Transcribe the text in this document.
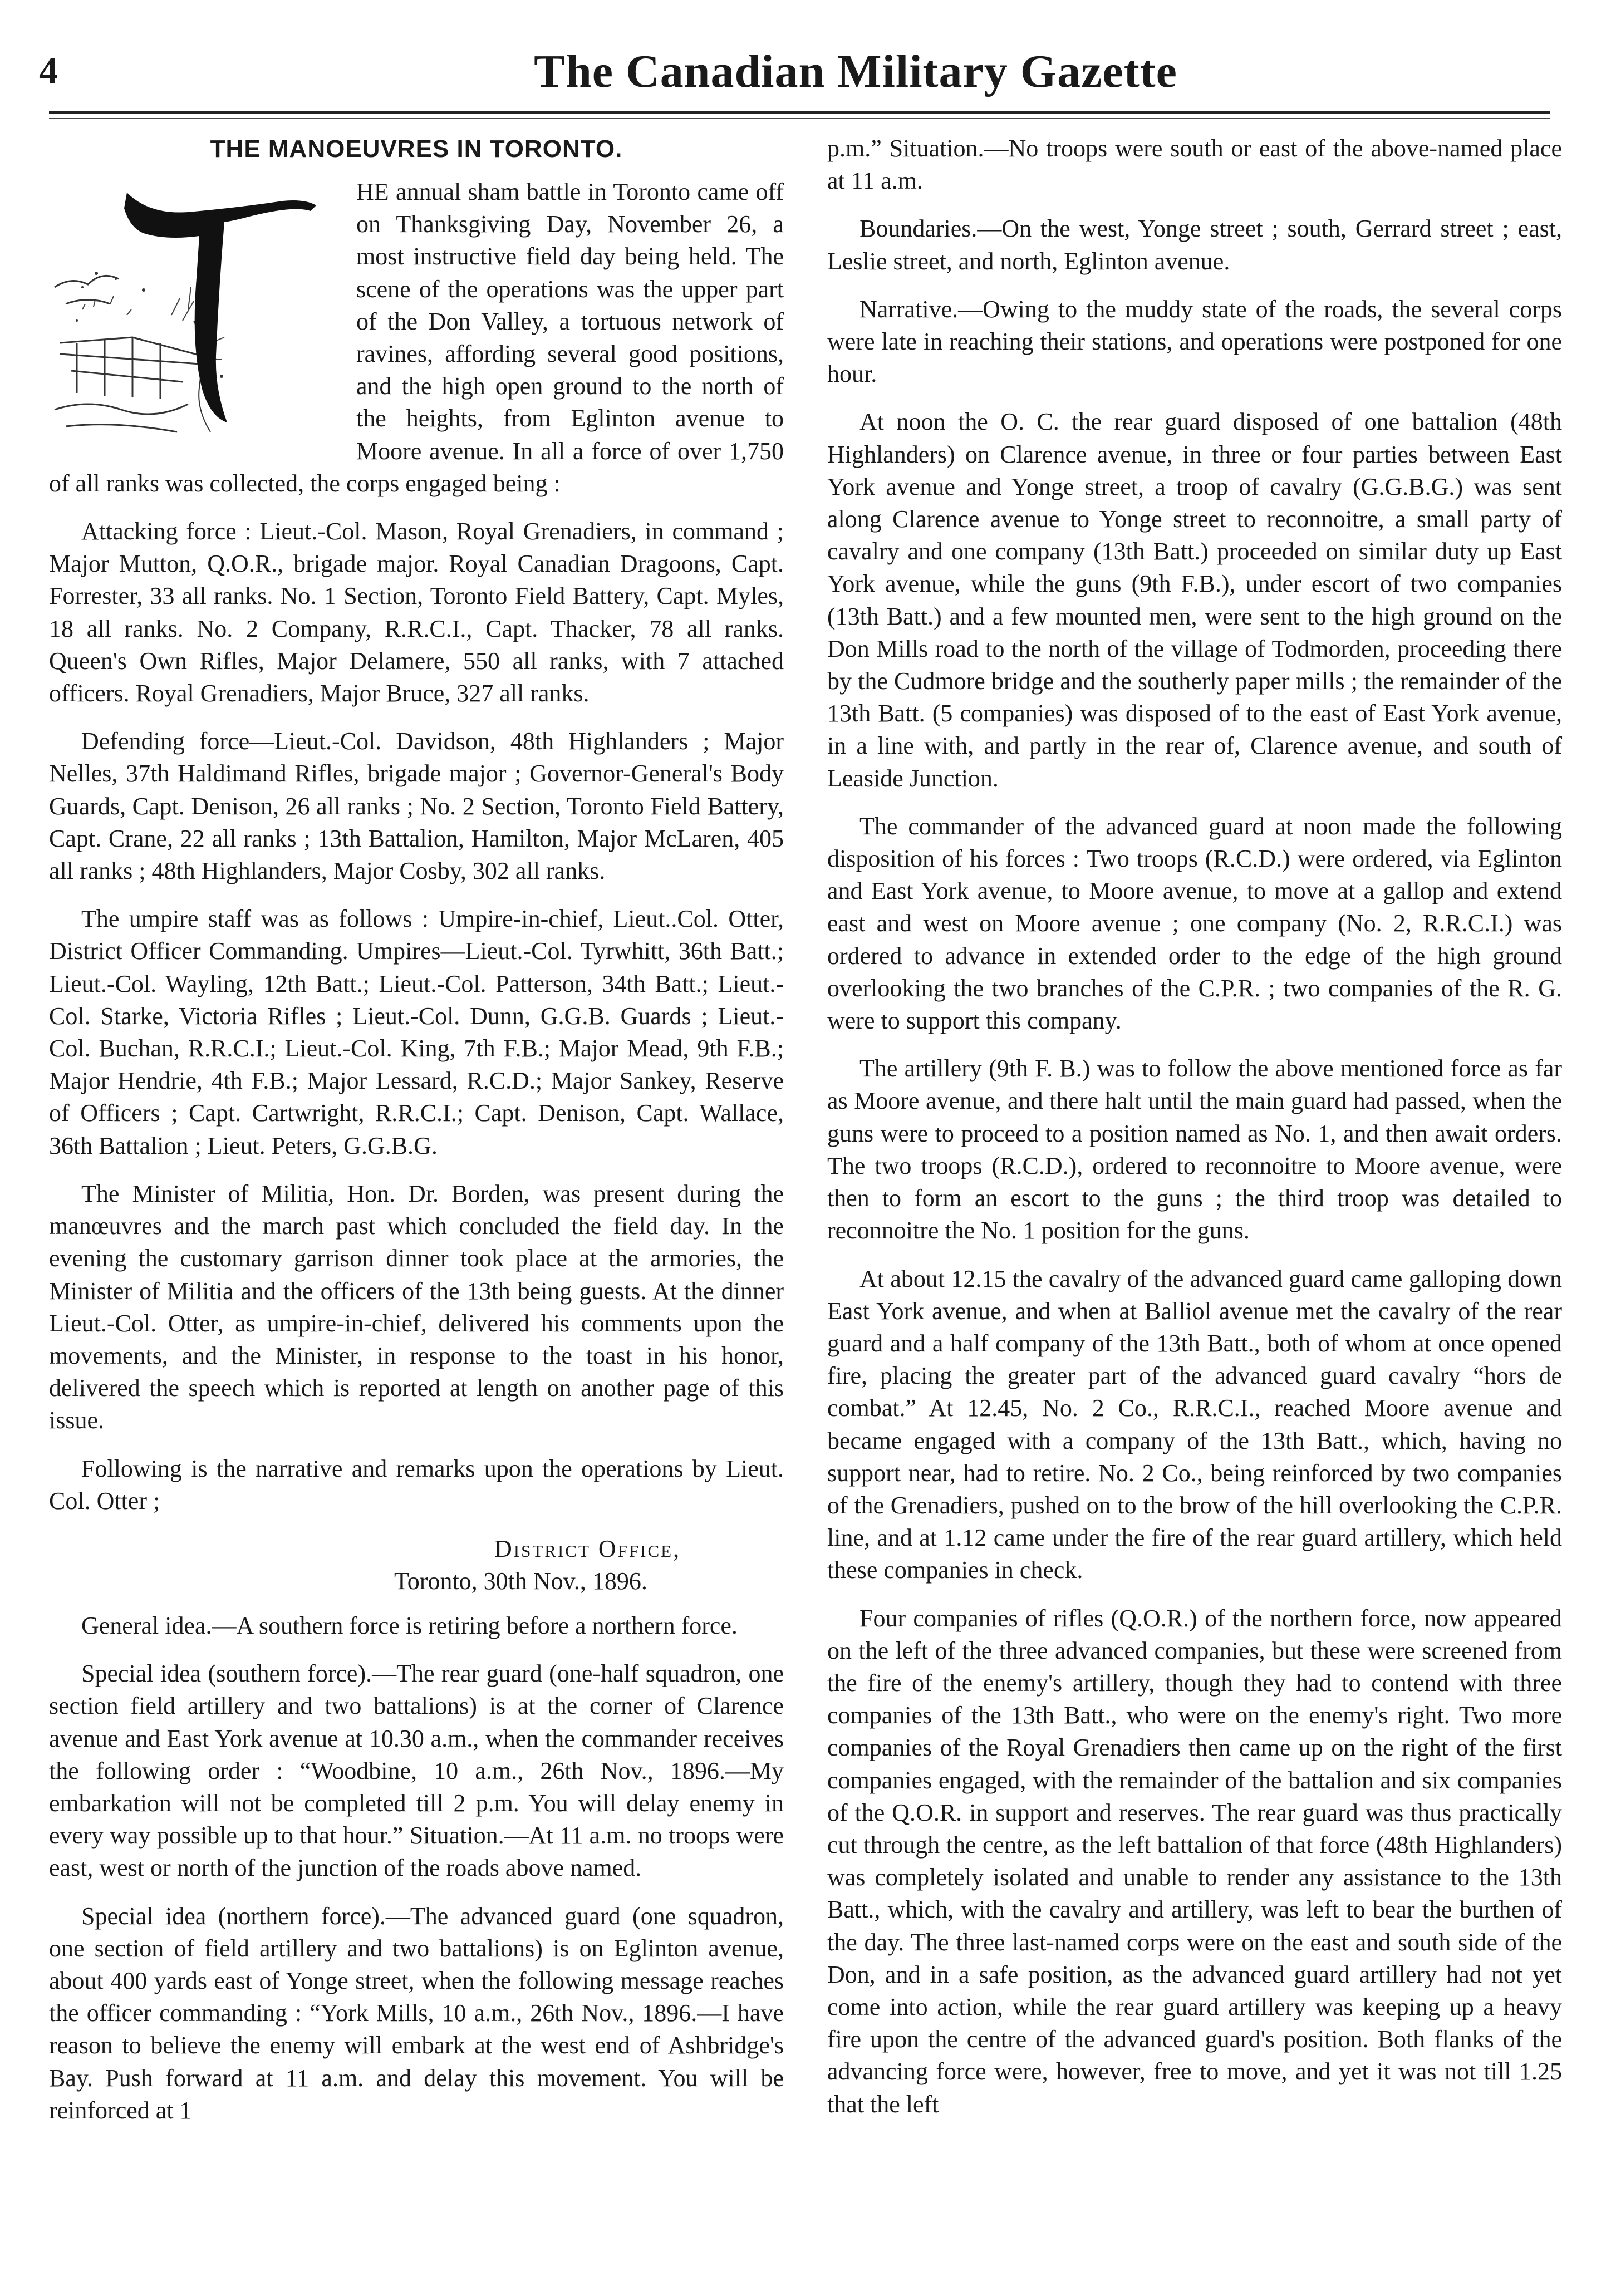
4	The Canadian Military Gazette
THE MANOEUVRES IN TORONTO.

HE annual sham battle in Toronto came off on Thanksgiving Day, November 26, a most instructive field day being held. The scene of the operations was the upper part of the Don Valley, a tortuous network of ravines, affording several good positions, and the high open ground to the north of the heights, from Eglinton avenue to Moore avenue. In all a force of over 1,750 of all ranks was collected, the corps engaged being :

Attacking force : Lieut.-Col. Mason, Royal Grenadiers, in command ; Major Mutton, Q.O.R., brigade major. Royal Canadian Dragoons, Capt. Forrester, 33 all ranks. No. 1 Section, Toronto Field Battery, Capt. Myles, 18 all ranks. No. 2 Company, R.R.C.I., Capt. Thacker, 78 all ranks. Queen's Own Rifles, Major Delamere, 550 all ranks, with 7 attached officers. Royal Grenadiers, Major Bruce, 327 all ranks.

Defending force—Lieut.-Col. Davidson, 48th Highlanders ; Major Nelles, 37th Haldimand Rifles, brigade major ; Governor-General's Body Guards, Capt. Denison, 26 all ranks ; No. 2 Section, Toronto Field Battery, Capt. Crane, 22 all ranks ; 13th Battalion, Hamilton, Major McLaren, 405 all ranks ; 48th Highlanders, Major Cosby, 302 all ranks.

The umpire staff was as follows : Umpire-in-chief, Lieut..Col. Otter, District Officer Commanding. Umpires—Lieut.-Col. Tyrwhitt, 36th Batt.; Lieut.-Col. Wayling, 12th Batt.; Lieut.-Col. Patterson, 34th Batt.; Lieut.-Col. Starke, Victoria Rifles ; Lieut.-Col. Dunn, G.G.B. Guards ; Lieut.-Col. Buchan, R.R.C.I.; Lieut.-Col. King, 7th F.B.; Major Mead, 9th F.B.; Major Hendrie, 4th F.B.; Major Lessard, R.C.D.; Major Sankey, Reserve of Officers ; Capt. Cartwright, R.R.C.I.; Capt. Denison, Capt. Wallace, 36th Battalion ; Lieut. Peters, G.G.B.G.

The Minister of Militia, Hon. Dr. Borden, was present during the manœuvres and the march past which concluded the field day. In the evening the customary garrison dinner took place at the armories, the Minister of Militia and the officers of the 13th being guests. At the dinner Lieut.-Col. Otter, as umpire-in-chief, delivered his comments upon the movements, and the Minister, in response to the toast in his honor, delivered the speech which is reported at length on another page of this issue.

Following is the narrative and remarks upon the operations by Lieut. Col. Otter ;

District Office,
Toronto, 30th Nov., 1896.

General idea.—A southern force is retiring before a northern force.

Special idea (southern force).—The rear guard (one-half squadron, one section field artillery and two battalions) is at the corner of Clarence avenue and East York avenue at 10.30 a.m., when the commander receives the following order : “Woodbine, 10 a.m., 26th Nov., 1896.—My embarkation will not be completed till 2 p.m. You will delay enemy in every way possible up to that hour.” Situation.—At 11 a.m. no troops were east, west or north of the junction of the roads above named.

Special idea (northern force).—The advanced guard (one squadron, one section of field artillery and two battalions) is on Eglinton avenue, about 400 yards east of Yonge street, when the following message reaches the officer commanding : “York Mills, 10 a.m., 26th Nov., 1896.—I have reason to believe the enemy will embark at the west end of Ashbridge's Bay. Push forward at 11 a.m. and delay this movement. You will be reinforced at 1

p.m.” Situation.—No troops were south or east of the above-named place at 11 a.m.

Boundaries.—On the west, Yonge street ; south, Gerrard street ; east, Leslie street, and north, Eglinton avenue.

Narrative.—Owing to the muddy state of the roads, the several corps were late in reaching their stations, and operations were postponed for one hour.

At noon the O. C. the rear guard disposed of one battalion (48th Highlanders) on Clarence avenue, in three or four parties between East York avenue and Yonge street, a troop of cavalry (G.G.B.G.) was sent along Clarence avenue to Yonge street to reconnoitre, a small party of cavalry and one company (13th Batt.) proceeded on similar duty up East York avenue, while the guns (9th F.B.), under escort of two companies (13th Batt.) and a few mounted men, were sent to the high ground on the Don Mills road to the north of the village of Todmorden, proceeding there by the Cudmore bridge and the southerly paper mills ; the remainder of the 13th Batt. (5 companies) was disposed of to the east of East York avenue, in a line with, and partly in the rear of, Clarence avenue, and south of Leaside Junction.

The commander of the advanced guard at noon made the following disposition of his forces : Two troops (R.C.D.) were ordered, via Eglinton and East York avenue, to Moore avenue, to move at a gallop and extend east and west on Moore avenue ; one company (No. 2, R.R.C.I.) was ordered to advance in extended order to the edge of the high ground overlooking the two branches of the C.P.R. ; two companies of the R. G. were to support this company.

The artillery (9th F. B.) was to follow the above mentioned force as far as Moore avenue, and there halt until the main guard had passed, when the guns were to proceed to a position named as No. 1, and then await orders. The two troops (R.C.D.), ordered to reconnoitre to Moore avenue, were then to form an escort to the guns ; the third troop was detailed to reconnoitre the No. 1 position for the guns.

At about 12.15 the cavalry of the advanced guard came galloping down East York avenue, and when at Balliol avenue met the cavalry of the rear guard and a half company of the 13th Batt., both of whom at once opened fire, placing the greater part of the advanced guard cavalry “hors de combat.” At 12.45, No. 2 Co., R.R.C.I., reached Moore avenue and became engaged with a company of the 13th Batt., which, having no support near, had to retire. No. 2 Co., being reinforced by two companies of the Grenadiers, pushed on to the brow of the hill overlooking the C.P.R. line, and at 1.12 came under the fire of the rear guard artillery, which held these companies in check.

Four companies of rifles (Q.O.R.) of the northern force, now appeared on the left of the three advanced companies, but these were screened from the fire of the enemy's artillery, though they had to contend with three companies of the 13th Batt., who were on the enemy's right. Two more companies of the Royal Grenadiers then came up on the right of the first companies engaged, with the remainder of the battalion and six companies of the Q.O.R. in support and reserves. The rear guard was thus practically cut through the centre, as the left battalion of that force (48th Highlanders) was completely isolated and unable to render any assistance to the 13th Batt., which, with the cavalry and artillery, was left to bear the burthen of the day. The three last-named corps were on the east and south side of the Don, and in a safe position, as the advanced guard artillery had not yet come into action, while the rear guard artillery was keeping up a heavy fire upon the centre of the advanced guard's position. Both flanks of the advancing force were, however, free to move, and yet it was not till 1.25 that the left
